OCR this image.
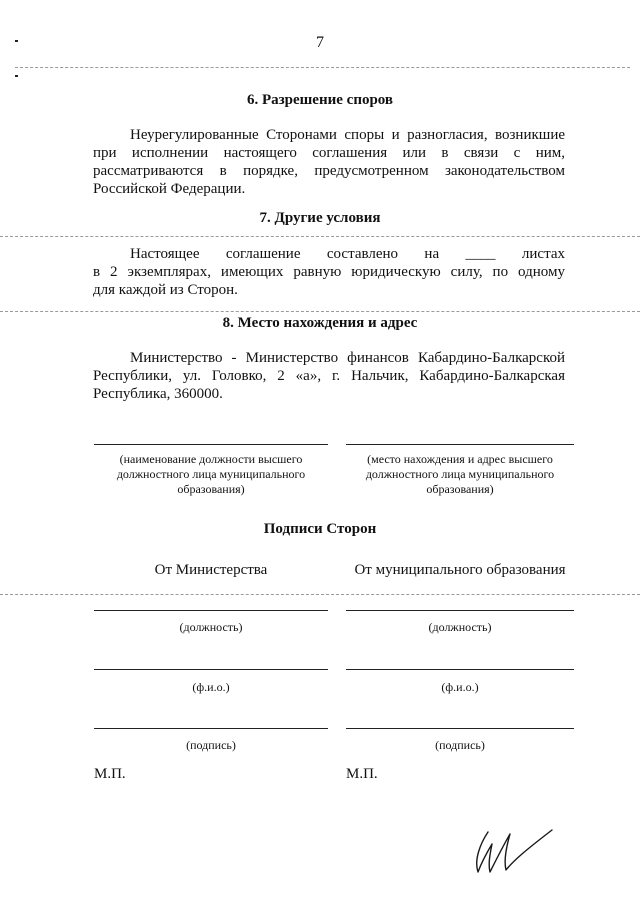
7
6. Разрешение споров
Неурегулированные Сторонами споры и разногласия, возникшие
при исполнении настоящего соглашения или в связи с ним,
рассматриваются в порядке, предусмотренном законодательством
Российской Федерации.
7. Другие условия
Настоящее соглашение составлено на ____ листах
в 2 экземплярах, имеющих равную юридическую силу, по одному
для каждой из Сторон.
8. Место нахождения и адрес
Министерство - Министерство финансов Кабардино-Балкарской
Республики, ул. Головко, 2 «а», г. Нальчик, Кабардино-Балкарская
Республика, 360000.
(наименование должности высшего
должностного лица муниципального
образования)
(место нахождения и адрес высшего
должностного лица муниципального
образования)
Подписи Сторон
От Министерства	От муниципального образования
(должность)	(должность)
(ф.и.о.)	(ф.и.о.)
(подпись)	(подпись)
М.П.	М.П.
